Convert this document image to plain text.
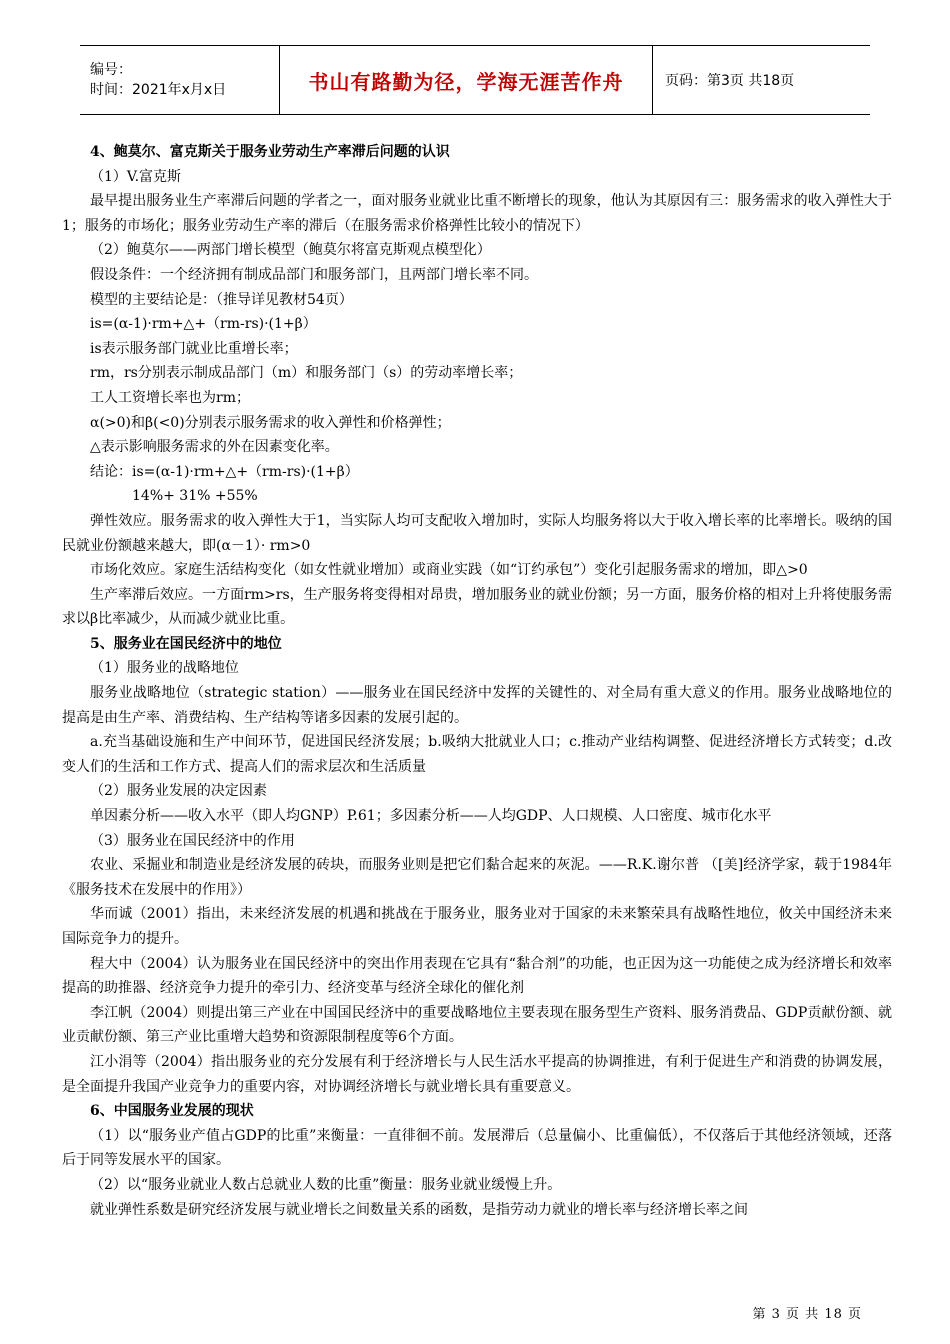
编号：
时间：2021年x月x日	书山有路勤为径，学海无涯苦作舟	页码：第3页 共18页

4、鲍莫尔、富克斯关于服务业劳动生产率滞后问题的认识

（1）V.富克斯

最早提出服务业生产率滞后问题的学者之一，面对服务业就业比重不断增长的现象，他认为其原因有三：服务需求的收入弹性大于1；服务的市场化；服务业劳动生产率的滞后（在服务需求价格弹性比较小的情况下）

（2）鲍莫尔——两部门增长模型（鲍莫尔将富克斯观点模型化）

假设条件：一个经济拥有制成品部门和服务部门，且两部门增长率不同。

模型的主要结论是：（推导详见教材54页）

is=(α-1)·rm+△+（rm-rs)·(1+β）

is表示服务部门就业比重增长率；

rm，rs分别表示制成品部门（m）和服务部门（s）的劳动率增长率；

工人工资增长率也为rm；

α(>0)和β(<0)分别表示服务需求的收入弹性和价格弹性；

△表示影响服务需求的外在因素变化率。

结论：is=(α-1)·rm+△+（rm-rs)·(1+β）

14%+ 31% +55%

弹性效应。服务需求的收入弹性大于1，当实际人均可支配收入增加时，实际人均服务将以大于收入增长率的比率增长。吸纳的国民就业份额越来越大，即(α－1）· rm>0

市场化效应。家庭生活结构变化（如女性就业增加）或商业实践（如“订约承包”）变化引起服务需求的增加，即△>0

生产率滞后效应。一方面rm>rs，生产服务将变得相对昂贵，增加服务业的就业份额；另一方面，服务价格的相对上升将使服务需求以β比率减少，从而减少就业比重。

5、服务业在国民经济中的地位

（1）服务业的战略地位

服务业战略地位（strategic station）——服务业在国民经济中发挥的关键性的、对全局有重大意义的作用。服务业战略地位的提高是由生产率、消费结构、生产结构等诸多因素的发展引起的。

a.充当基础设施和生产中间环节，促进国民经济发展；b.吸纳大批就业人口；c.推动产业结构调整、促进经济增长方式转变；d.改变人们的生活和工作方式、提高人们的需求层次和生活质量

（2）服务业发展的决定因素

单因素分析——收入水平（即人均GNP）P.61；多因素分析——人均GDP、人口规模、人口密度、城市化水平

（3）服务业在国民经济中的作用

农业、采掘业和制造业是经济发展的砖块，而服务业则是把它们黏合起来的灰泥。——R.K.谢尔普 （[美]经济学家，载于1984年《服务技术在发展中的作用》）

华而诚（2001）指出，未来经济发展的机遇和挑战在于服务业，服务业对于国家的未来繁荣具有战略性地位，攸关中国经济未来国际竞争力的提升。

程大中（2004）认为服务业在国民经济中的突出作用表现在它具有“黏合剂”的功能，也正因为这一功能使之成为经济增长和效率提高的助推器、经济竞争力提升的牵引力、经济变革与经济全球化的催化剂

李江帆（2004）则提出第三产业在中国国民经济中的重要战略地位主要表现在服务型生产资料、服务消费品、GDP贡献份额、就业贡献份额、第三产业比重增大趋势和资源限制程度等6个方面。

江小涓等（2004）指出服务业的充分发展有利于经济增长与人民生活水平提高的协调推进，有利于促进生产和消费的协调发展，是全面提升我国产业竞争力的重要内容，对协调经济增长与就业增长具有重要意义。

6、中国服务业发展的现状

（1）以“服务业产值占GDP的比重”来衡量：一直徘徊不前。发展滞后（总量偏小、比重偏低），不仅落后于其他经济领域，还落后于同等发展水平的国家。

（2）以“服务业就业人数占总就业人数的比重”衡量：服务业就业缓慢上升。

就业弹性系数是研究经济发展与就业增长之间数量关系的函数，是指劳动力就业的增长率与经济增长率之间

第 3 页 共 18 页
